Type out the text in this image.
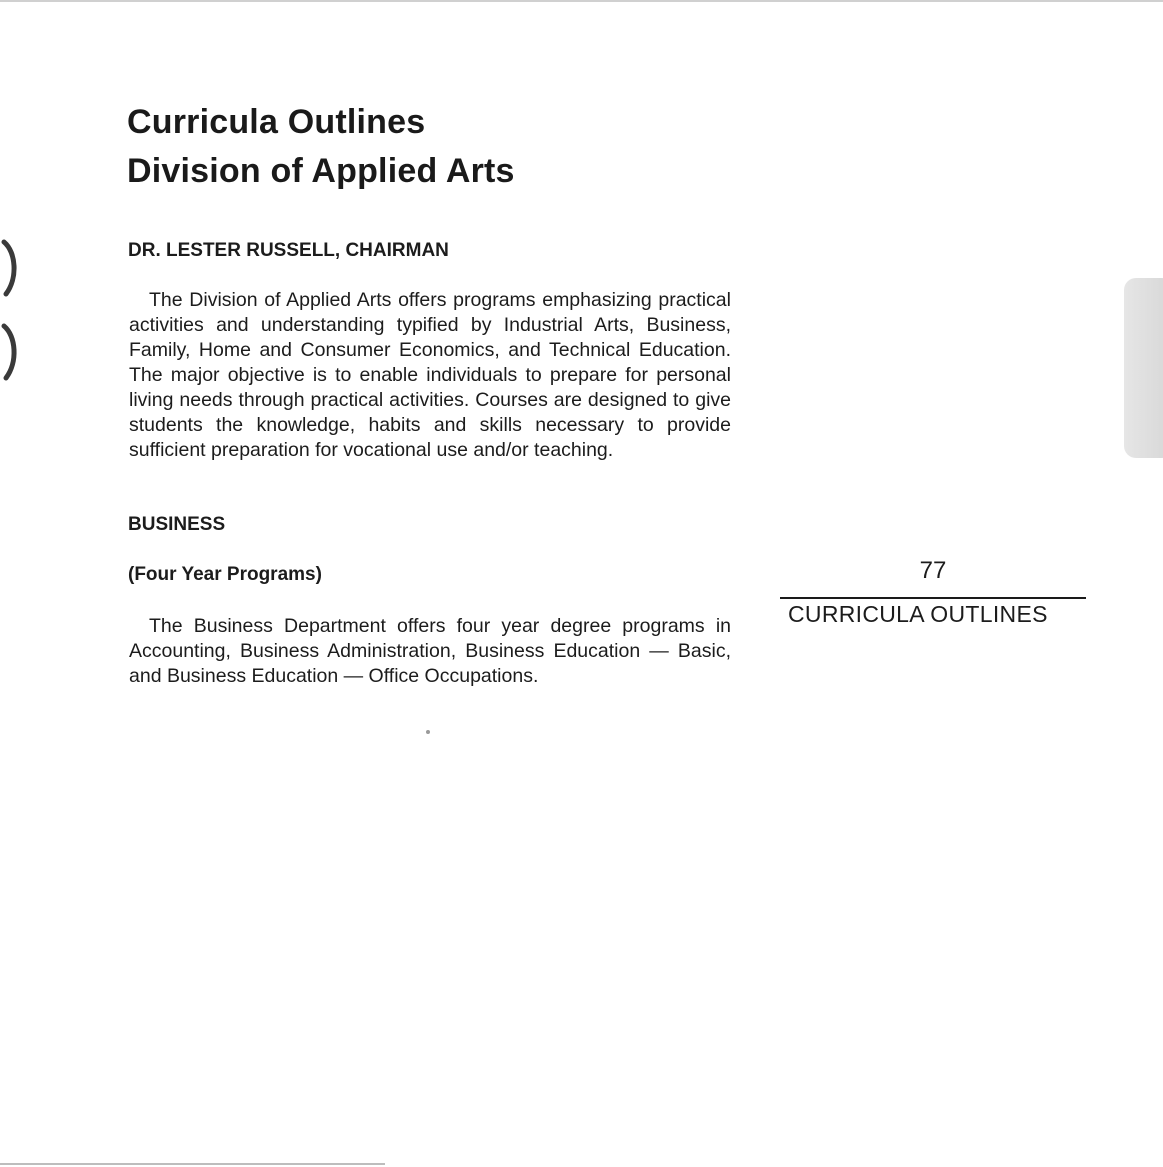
Curricula Outlines
Division of Applied Arts
DR. LESTER RUSSELL, CHAIRMAN

The Division of Applied Arts offers programs emphasizing practical activities and understanding typified by Industrial Arts, Business, Family, Home and Consumer Economics, and Technical Education. The major objective is to enable individuals to prepare for personal living needs through practical activities. Courses are designed to give students the knowledge, habits and skills necessary to provide sufficient preparation for vocational use and/or teaching.

BUSINESS
(Four Year Programs)

The Business Department offers four year degree programs in Accounting, Business Administration, Business Education — Basic, and Business Education — Office Occupations.

77
CURRICULA OUTLINES
